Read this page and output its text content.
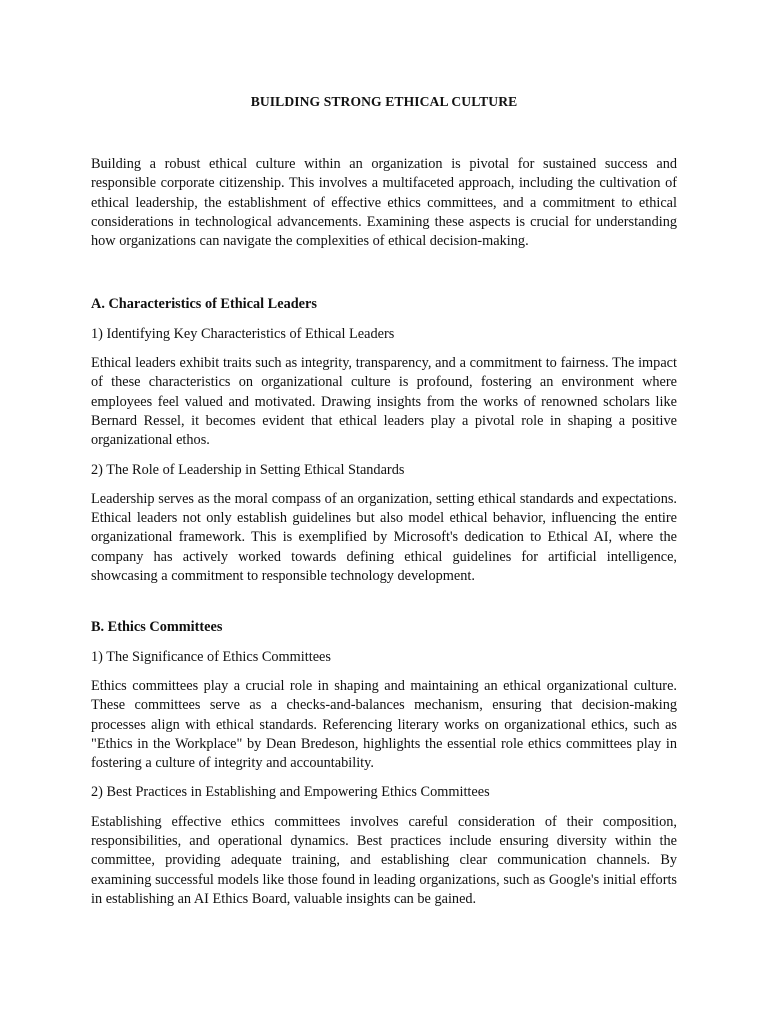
BUILDING STRONG ETHICAL CULTURE

Building a robust ethical culture within an organization is pivotal for sustained success and responsible corporate citizenship. This involves a multifaceted approach, including the cultivation of ethical leadership, the establishment of effective ethics committees, and a commitment to ethical considerations in technological advancements. Examining these aspects is crucial for understanding how organizations can navigate the complexities of ethical decision-making.

A. Characteristics of Ethical Leaders
1) Identifying Key Characteristics of Ethical Leaders

Ethical leaders exhibit traits such as integrity, transparency, and a commitment to fairness. The impact of these characteristics on organizational culture is profound, fostering an environment where employees feel valued and motivated. Drawing insights from the works of renowned scholars like Bernard Ressel, it becomes evident that ethical leaders play a pivotal role in shaping a positive organizational ethos.

2) The Role of Leadership in Setting Ethical Standards

Leadership serves as the moral compass of an organization, setting ethical standards and expectations. Ethical leaders not only establish guidelines but also model ethical behavior, influencing the entire organizational framework. This is exemplified by Microsoft's dedication to Ethical AI, where the company has actively worked towards defining ethical guidelines for artificial intelligence, showcasing a commitment to responsible technology development.

B. Ethics Committees
1) The Significance of Ethics Committees

Ethics committees play a crucial role in shaping and maintaining an ethical organizational culture. These committees serve as a checks-and-balances mechanism, ensuring that decision-making processes align with ethical standards. Referencing literary works on organizational ethics, such as "Ethics in the Workplace" by Dean Bredeson, highlights the essential role ethics committees play in fostering a culture of integrity and accountability.

2) Best Practices in Establishing and Empowering Ethics Committees

Establishing effective ethics committees involves careful consideration of their composition, responsibilities, and operational dynamics. Best practices include ensuring diversity within the committee, providing adequate training, and establishing clear communication channels. By examining successful models like those found in leading organizations, such as Google's initial efforts in establishing an AI Ethics Board, valuable insights can be gained.
